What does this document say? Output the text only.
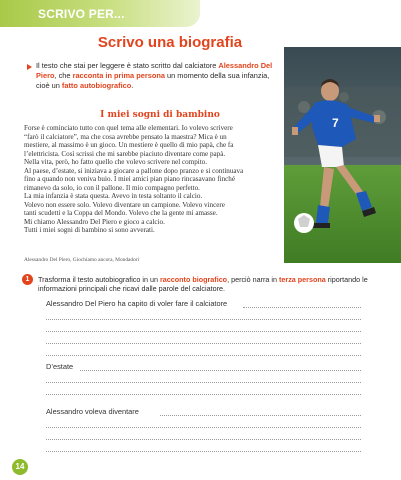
SCRIVO PER...
Scrivo una biografia
Il testo che stai per leggere è stato scritto dal calciatore Alessandro Del Piero, che racconta in prima persona un momento della sua infanzia, cioè un fatto autobiografico.
7
I miei sogni di bambino

Forse è cominciato tutto con quel tema alle elementari. Io volevo scrivere

“farò il calciatore”, ma che cosa avrebbe pensato la maestra? Mica è un

mestiere, al massimo è un gioco. Un mestiere è quello di mio papà, che fa

l’elettricista. Così scrissi che mi sarebbe piaciuto diventare come papà.

Nella vita, però, ho fatto quello che volevo scrivere nel compito.

Al paese, d’estate, si iniziava a giocare a pallone dopo pranzo e si continuava

fino a quando non veniva buio. I miei amici pian piano rincasavano finché

rimanevo da solo, io con il pallone. Il mio compagno perfetto.

La mia infanzia è stata questa. Avevo in testa soltanto il calcio.

Volevo non essere solo. Volevo diventare un campione. Volevo vincere

tanti scudetti e la Coppa del Mondo. Volevo che la gente mi amasse.

Mi chiamo Alessandro Del Piero e gioco a calcio.

Tutti i miei sogni di bambino si sono avverati.

Alessandro Del Piero, Giochiamo ancora, Mondadori
1	Trasforma il testo autobiografico in un racconto biografico, perciò narra in terza persona riportando le informazioni principali che ricavi dalle parole del calciatore.
Alessandro Del Piero ha capito di voler fare il calciatore
D’estate
Alessandro voleva diventare
14
